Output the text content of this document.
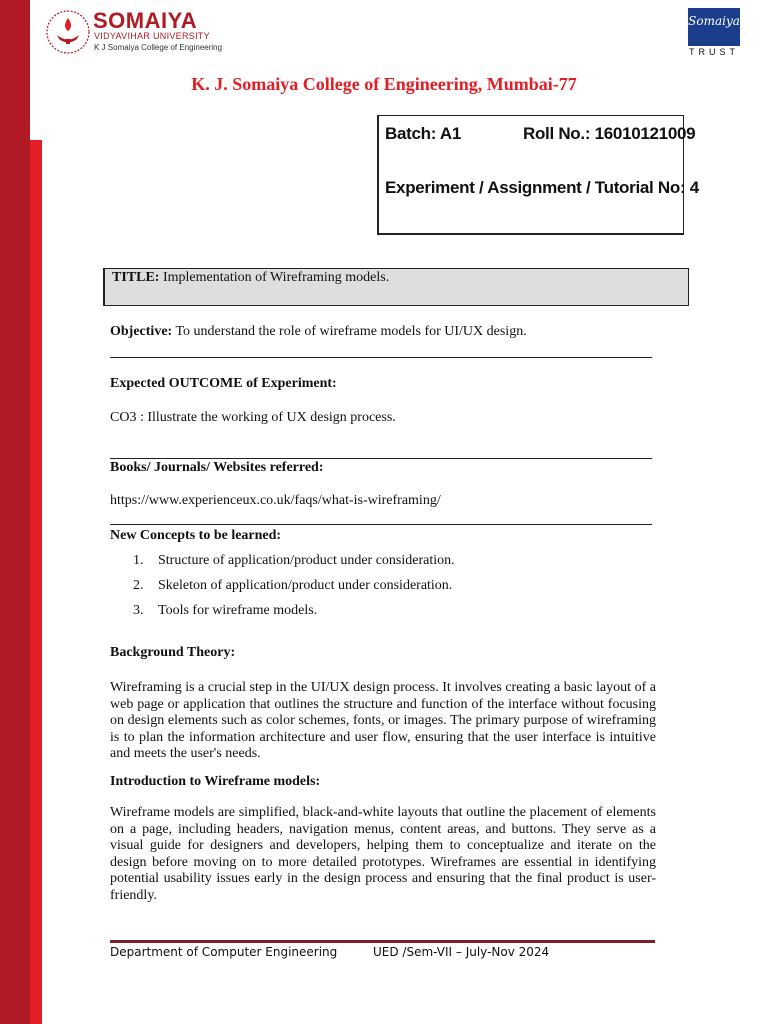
SOMAIYA
VIDYAVIHAR UNIVERSITY
K J Somaiya College of Engineering
Somaiya
TRUST
K. J. Somaiya College of Engineering, Mumbai-77
Batch: A1	Roll No.: 16010121009
Experiment / Assignment / Tutorial No: 4
TITLE: Implementation of Wireframing models.
Objective: To understand the role of wireframe models for UI/UX design.
Expected OUTCOME of Experiment:
CO3 : Illustrate the working of UX design process.
Books/ Journals/ Websites referred:
https://www.experienceux.co.uk/faqs/what-is-wireframing/
New Concepts to be learned:
1. Structure of application/product under consideration.
2. Skeleton of application/product under consideration.
3. Tools for wireframe models.
Background Theory:
Wireframing is a crucial step in the UI/UX design process. It involves creating a basic layout of a web page or application that outlines the structure and function of the interface without focusing on design elements such as color schemes, fonts, or images. The primary purpose of wireframing is to plan the information architecture and user flow, ensuring that the user interface is intuitive and meets the user's needs.
Introduction to Wireframe models:
Wireframe models are simplified, black-and-white layouts that outline the placement of elements on a page, including headers, navigation menus, content areas, and buttons. They serve as a visual guide for designers and developers, helping them to conceptualize and iterate on the design before moving on to more detailed prototypes. Wireframes are essential in identifying potential usability issues early in the design process and ensuring that the final product is user-friendly.
Department of Computer Engineering	UED /Sem-VII – July-Nov 2024
